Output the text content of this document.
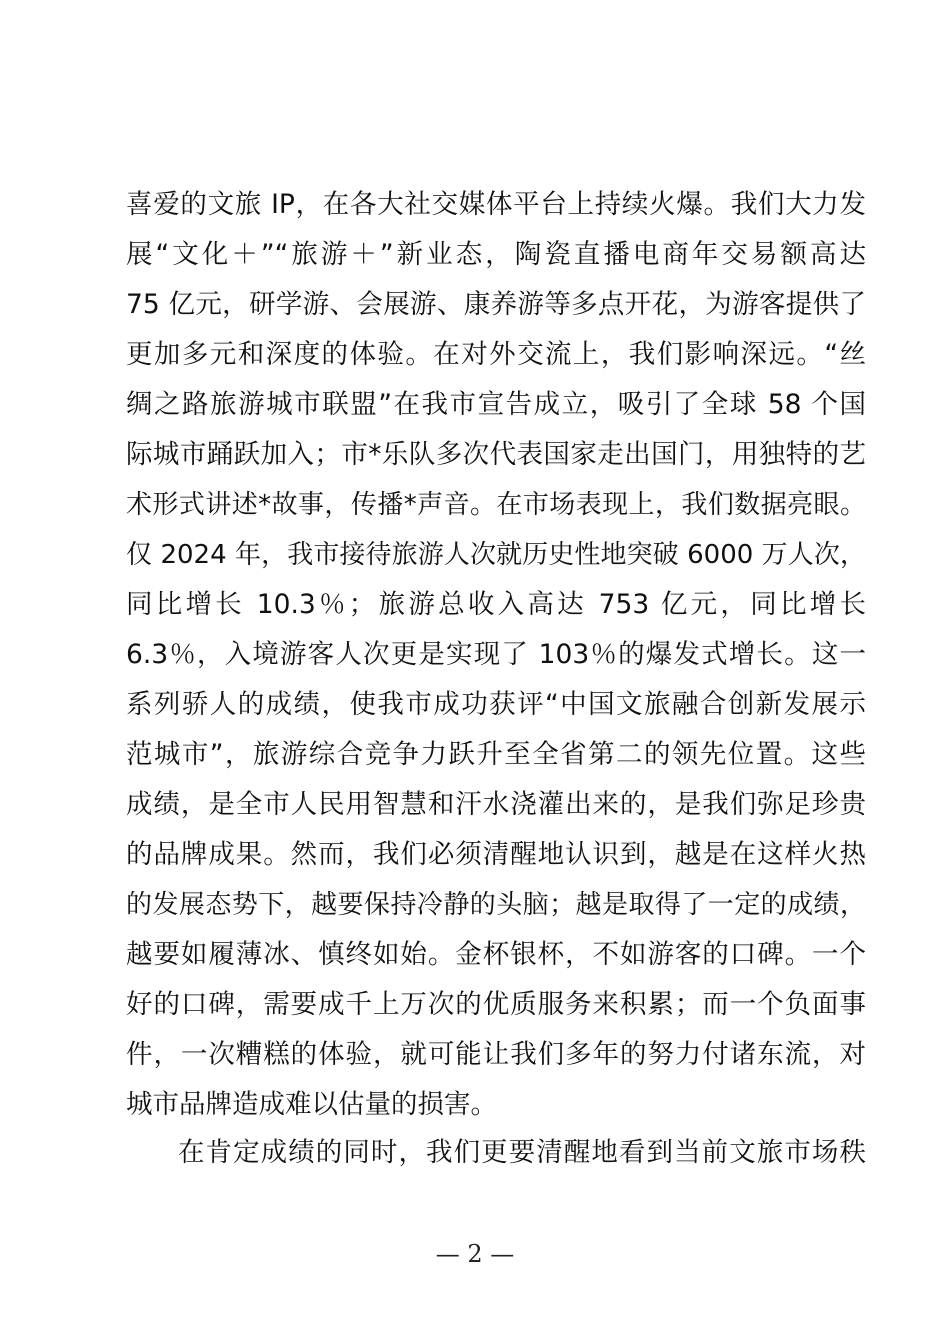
喜爱的文旅 IP，在各大社交媒体平台上持续火爆。我们大力发
展“文化＋”“旅游＋”新业态，陶瓷直播电商年交易额高达
75 亿元，研学游、会展游、康养游等多点开花，为游客提供了
更加多元和深度的体验。在对外交流上，我们影响深远。“丝
绸之路旅游城市联盟”在我市宣告成立，吸引了全球 58 个国
际城市踊跃加入；市*乐队多次代表国家走出国门，用独特的艺
术形式讲述*故事，传播*声音。在市场表现上，我们数据亮眼。
仅 2024 年，我市接待旅游人次就历史性地突破 6000 万人次，
同比增长 10.3％；旅游总收入高达 753 亿元，同比增长
6.3％，入境游客人次更是实现了 103％的爆发式增长。这一
系列骄人的成绩，使我市成功获评“中国文旅融合创新发展示
范城市”，旅游综合竞争力跃升至全省第二的领先位置。这些
成绩，是全市人民用智慧和汗水浇灌出来的，是我们弥足珍贵
的品牌成果。然而，我们必须清醒地认识到，越是在这样火热
的发展态势下，越要保持冷静的头脑；越是取得了一定的成绩，
越要如履薄冰、慎终如始。金杯银杯，不如游客的口碑。一个
好的口碑，需要成千上万次的优质服务来积累；而一个负面事
件，一次糟糕的体验，就可能让我们多年的努力付诸东流，对
城市品牌造成难以估量的损害。
在肯定成绩的同时，我们更要清醒地看到当前文旅市场秩
— 2 —
